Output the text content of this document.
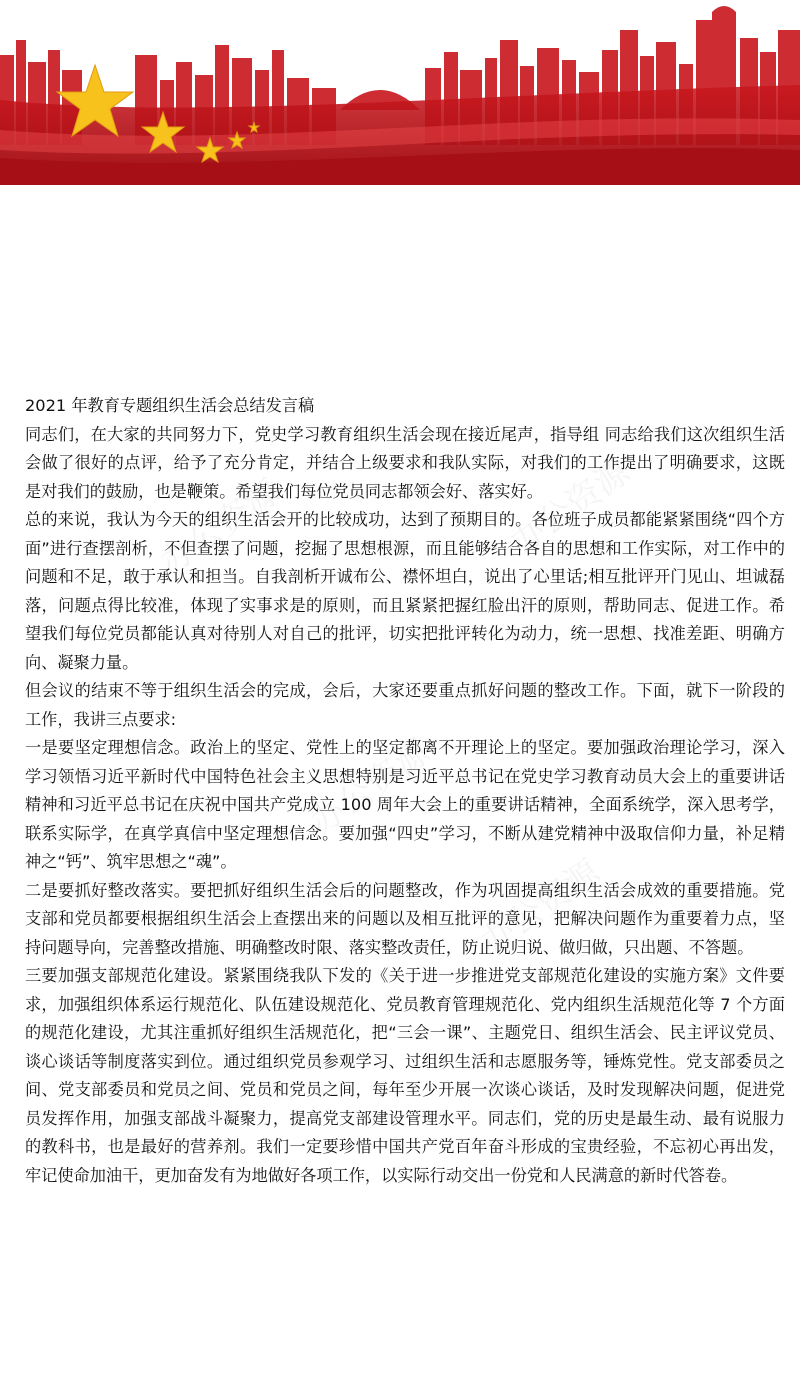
2021 年教育专题组织生活会总结发言稿

同志们，在大家的共同努力下，党史学习教育组织生活会现在接近尾声，指导组 同志给我们这次组织生活会做了很好的点评，给予了充分肯定，并结合上级要求和我队实际，对我们的工作提出了明确要求，这既是对我们的鼓励，也是鞭策。希望我们每位党员同志都领会好、落实好。

总的来说，我认为今天的组织生活会开的比较成功，达到了预期目的。各位班子成员都能紧紧围绕“四个方面”进行查摆剖析，不但查摆了问题，挖掘了思想根源，而且能够结合各自的思想和工作实际，对工作中的问题和不足，敢于承认和担当。自我剖析开诚布公、襟怀坦白，说出了心里话;相互批评开门见山、坦诚磊落，问题点得比较准，体现了实事求是的原则，而且紧紧把握红脸出汗的原则，帮助同志、促进工作。希望我们每位党员都能认真对待别人对自己的批评，切实把批评转化为动力，统一思想、找准差距、明确方向、凝聚力量。

但会议的结束不等于组织生活会的完成，会后，大家还要重点抓好问题的整改工作。下面，就下一阶段的工作，我讲三点要求:

一是要坚定理想信念。政治上的坚定、党性上的坚定都离不开理论上的坚定。要加强政治理论学习，深入学习领悟习近平新时代中国特色社会主义思想特别是习近平总书记在党史学习教育动员大会上的重要讲话精神和习近平总书记在庆祝中国共产党成立 100 周年大会上的重要讲话精神，全面系统学，深入思考学，联系实际学，在真学真信中坚定理想信念。要加强“四史”学习，不断从建党精神中汲取信仰力量，补足精神之“钙”、筑牢思想之“魂”。

二是要抓好整改落实。要把抓好组织生活会后的问题整改，作为巩固提高组织生活会成效的重要措施。党支部和党员都要根据组织生活会上查摆出来的问题以及相互批评的意见，把解决问题作为重要着力点，坚持问题导向，完善整改措施、明确整改时限、落实整改责任，防止说归说、做归做，只出题、不答题。

三要加强支部规范化建设。紧紧围绕我队下发的《关于进一步推进党支部规范化建设的实施方案》文件要求，加强组织体系运行规范化、队伍建设规范化、党员教育管理规范化、党内组织生活规范化等 7 个方面的规范化建设，尤其注重抓好组织生活规范化，把“三会一课”、主题党日、组织生活会、民主评议党员、谈心谈话等制度落实到位。通过组织党员参观学习、过组织生活和志愿服务等，锤炼党性。党支部委员之间、党支部委员和党员之间、党员和党员之间，每年至少开展一次谈心谈话，及时发现解决问题，促进党员发挥作用，加强支部战斗凝聚力，提高党支部建设管理水平。同志们，党的历史是最生动、最有说服力的教科书，也是最好的营养剂。我们一定要珍惜中国共产党百年奋斗形成的宝贵经验，不忘初心再出发，牢记使命加油干，更加奋发有为地做好各项工作，以实际行动交出一份党和人民满意的新时代答卷。
